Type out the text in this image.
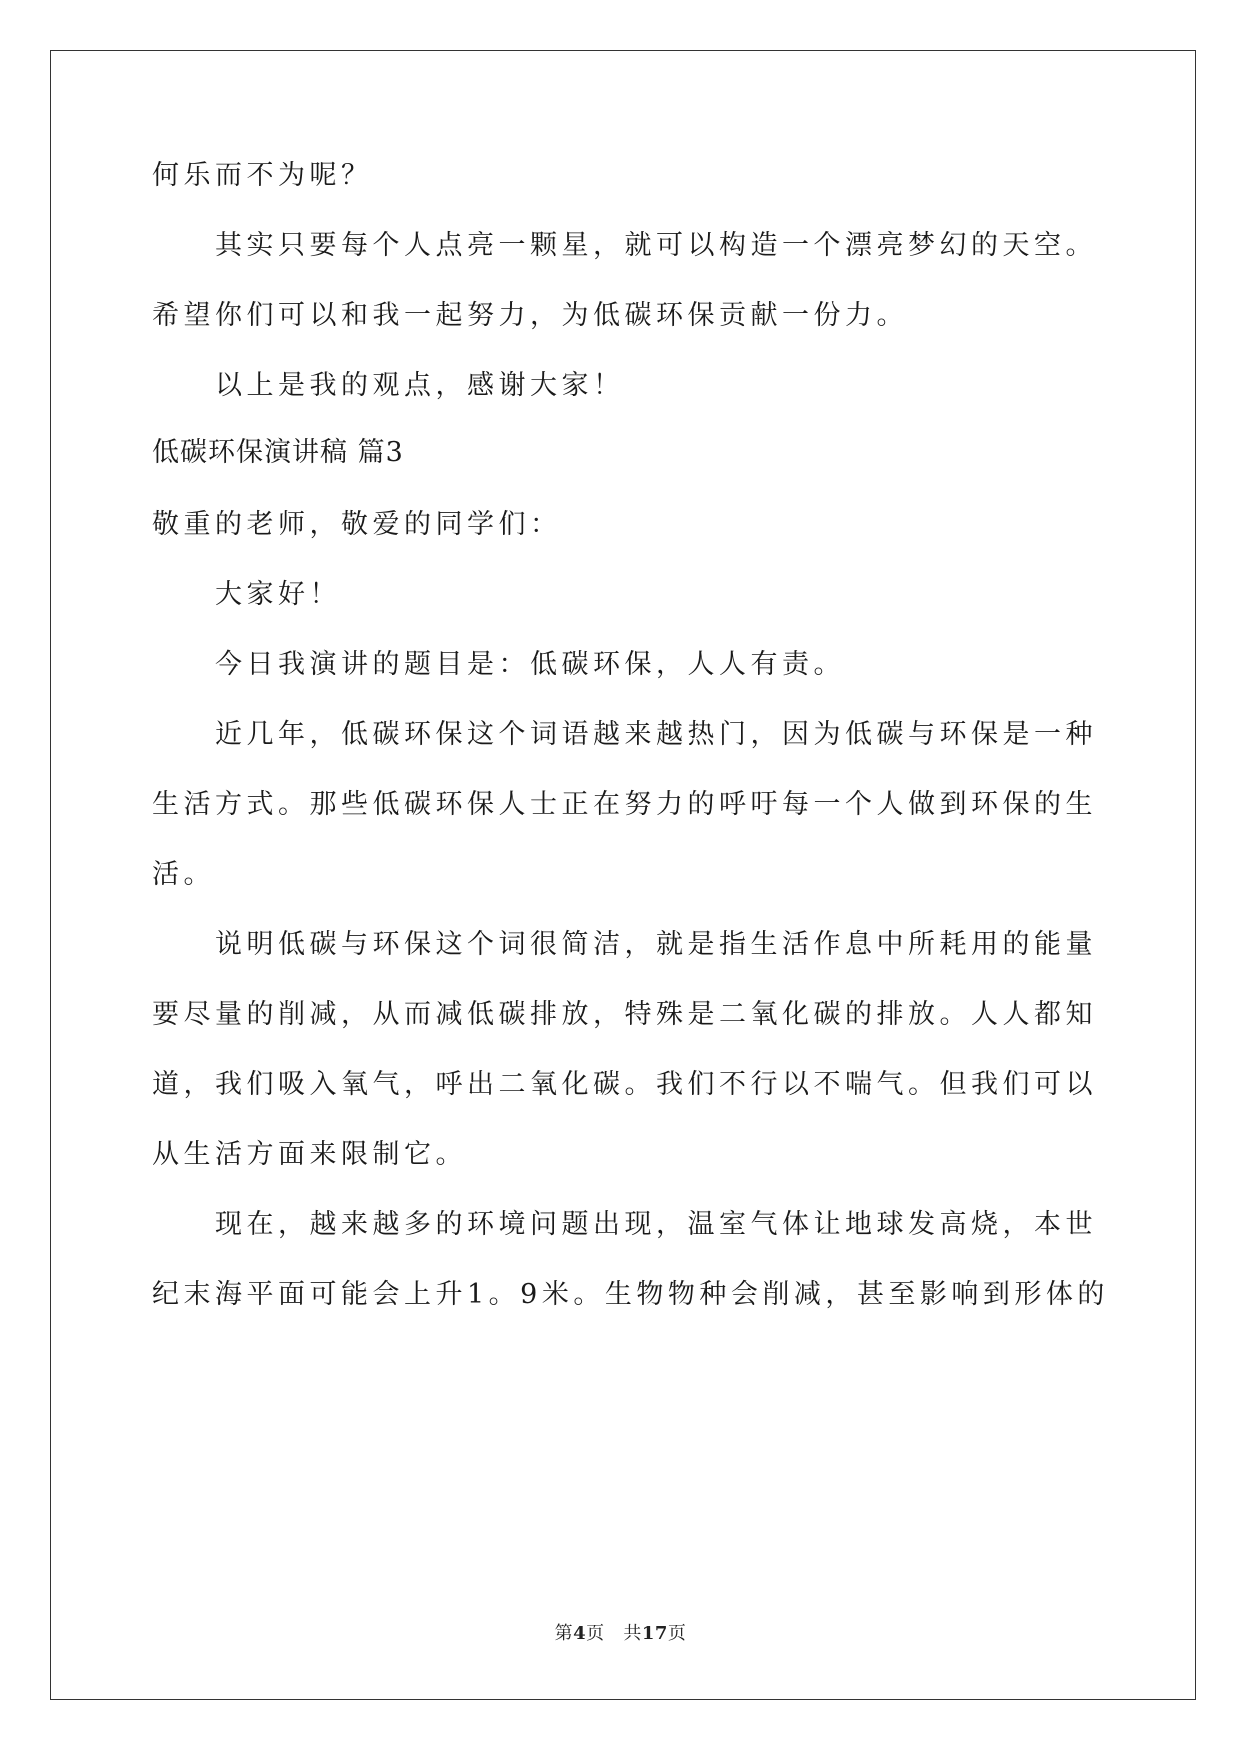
何乐而不为呢？
其实只要每个人点亮一颗星，就可以构造一个漂亮梦幻的天空。
希望你们可以和我一起努力，为低碳环保贡献一份力。
以上是我的观点，感谢大家！
低碳环保演讲稿 篇3
敬重的老师，敬爱的同学们：
大家好！
今日我演讲的题目是：低碳环保，人人有责。
近几年，低碳环保这个词语越来越热门，因为低碳与环保是一种
生活方式。那些低碳环保人士正在努力的呼吁每一个人做到环保的生
活。
说明低碳与环保这个词很简洁，就是指生活作息中所耗用的能量
要尽量的削减，从而减低碳排放，特殊是二氧化碳的排放。人人都知
道，我们吸入氧气，呼出二氧化碳。我们不行以不喘气。但我们可以
从生活方面来限制它。
现在，越来越多的环境问题出现，温室气体让地球发高烧，本世
纪末海平面可能会上升1。9米。生物物种会削减，甚至影响到形体的
第4页 共17页
